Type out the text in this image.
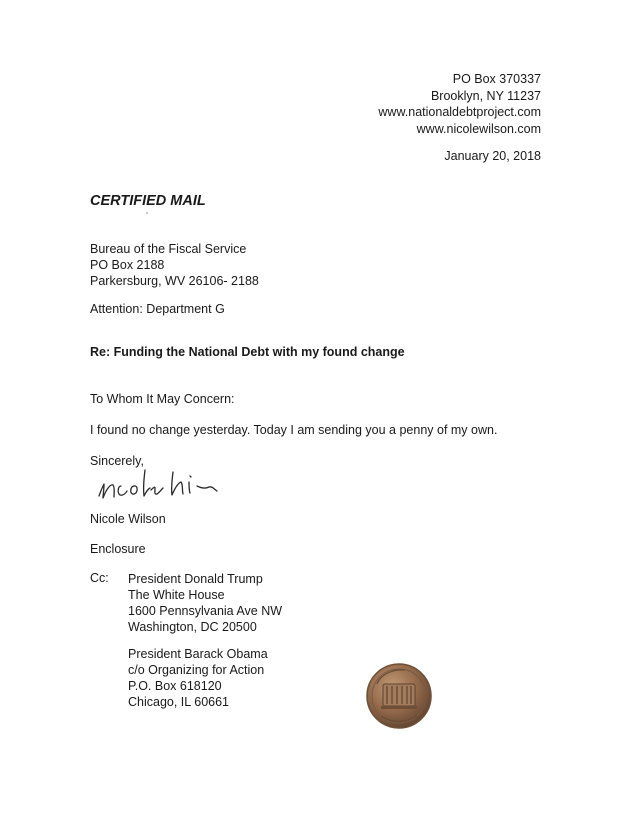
PO Box 370337
Brooklyn, NY 11237
www.nationaldebtproject.com
www.nicolewilson.com
January 20, 2018
CERTIFIED MAIL
Bureau of the Fiscal Service
PO Box 2188
Parkersburg, WV 26106- 2188
Attention: Department G
Re: Funding the National Debt with my found change
To Whom It May Concern:
I found no change yesterday. Today I am sending you a penny of my own.
Sincerely,
Nicole Wilson
Enclosure
Cc: President Donald Trump
The White House
1600 Pennsylvania Ave NW
Washington, DC 20500
President Barack Obama
c/o Organizing for Action
P.O. Box 618120
Chicago, IL 60661
